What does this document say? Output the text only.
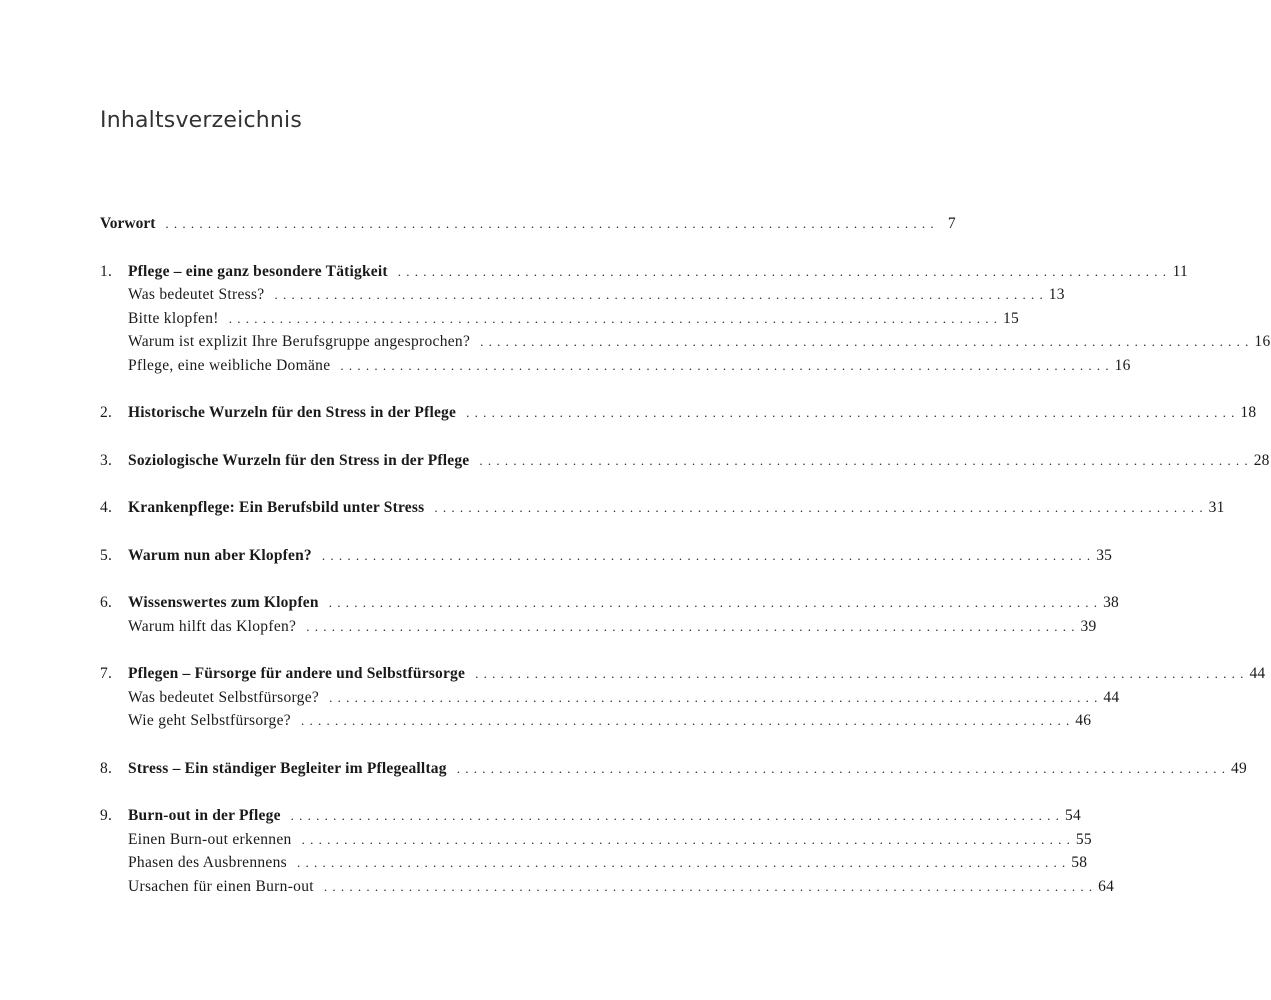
Inhaltsverzeichnis
Vorwort . . .	7
1.	Pflege – eine ganz besondere Tätigkeit . . .	11
Was bedeutet Stress? . . .	13
Bitte klopfen! . . .	15
Warum ist explizit Ihre Berufsgruppe angesprochen? . . .	16
Pflege, eine weibliche Domäne . . .	16
2.	Historische Wurzeln für den Stress in der Pflege . . .	18
3.	Soziologische Wurzeln für den Stress in der Pflege . . .	28
4.	Krankenpflege: Ein Berufsbild unter Stress . . .	31
5.	Warum nun aber Klopfen? . . .	35
6.	Wissenswertes zum Klopfen . . .	38
Warum hilft das Klopfen? . . .	39
7.	Pflegen – Fürsorge für andere und Selbstfürsorge . . .	44
Was bedeutet Selbstfürsorge? . . .	44
Wie geht Selbstfürsorge? . . .	46
8.	Stress – Ein ständiger Begleiter im Pflegealltag . . .	49
9.	Burn-out in der Pflege . . .	54
Einen Burn-out erkennen . . .	55
Phasen des Ausbrennens . . .	58
Ursachen für einen Burn-out . . .	64
